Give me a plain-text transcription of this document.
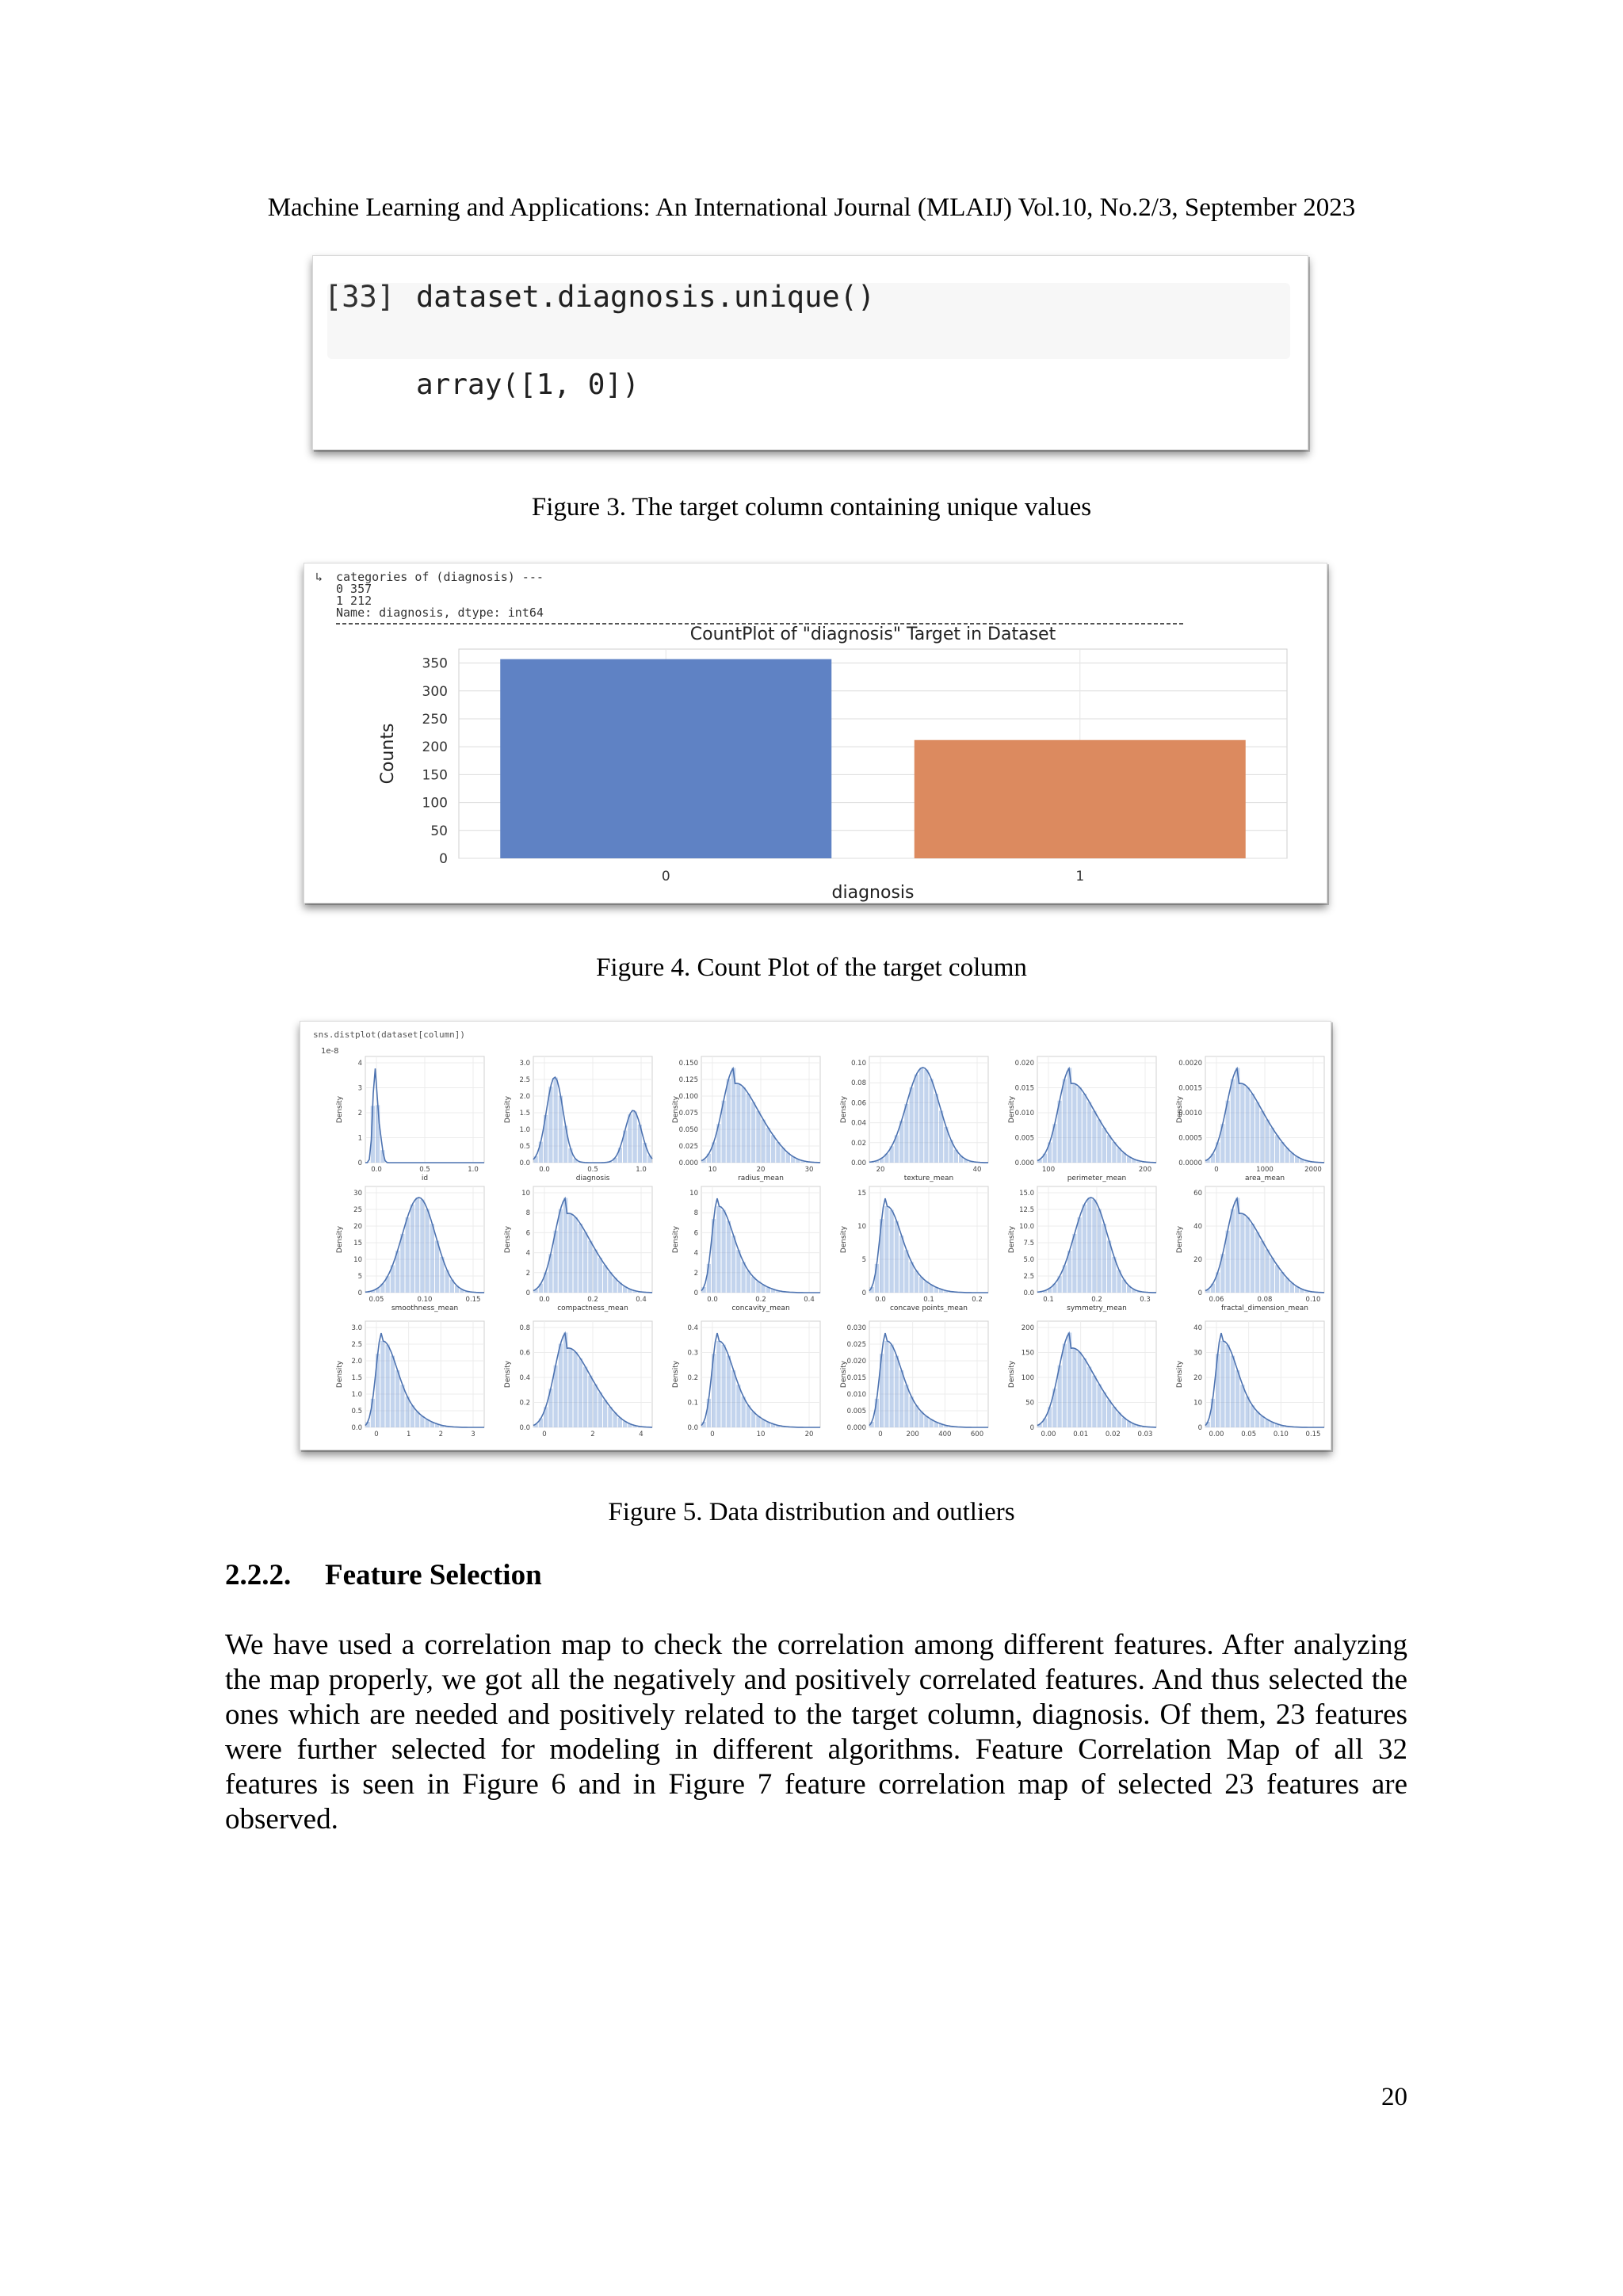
Machine Learning and Applications: An International Journal (MLAIJ) Vol.10, No.2/3, September 2023
[33] dataset.diagnosis.unique()
array([1, 0])
Figure 3. The target column containing unique values
↳ categories of (diagnosis) ---
0 357
1 212
Name: diagnosis, dtype: int64
0
50
100
150
200
250
300
350
0	1
CountPlot of "diagnosis" Target in Dataset
diagnosis
Counts
Figure 4. Count Plot of the target column
sns.distplot(dataset[column])
1e-8
0
1
2
3
4
0.0	0.5	1.0
Density
id
0.0
0.5
1.0
1.5
2.0
2.5
3.0
0.0	0.5	1.0
Density
diagnosis
0.000
0.025
0.050
0.075
0.100
0.125
0.150
10	20	30
Density
radius_mean
0.00
0.02
0.04
0.06
0.08
0.10
20	40
Density
texture_mean
0.000
0.005
0.010
0.015
0.020
100	200
Density
perimeter_mean
0.0000
0.0005
0.0010
0.0015
0.0020
0	1000	2000
Density
area_mean
0
5
10
15
20
25
30
0.05	0.10	0.15
Density
smoothness_mean
0
2
4
6
8
10
0.0	0.2	0.4
Density
compactness_mean
0
2
4
6
8
10
0.0	0.2	0.4
Density
concavity_mean
0
5
10
15
0.0	0.1	0.2
Density
concave points_mean
0.0
2.5
5.0
7.5
10.0
12.5
15.0
0.1	0.2	0.3
Density
symmetry_mean
0
20
40
60
0.06	0.08	0.10
Density
fractal_dimension_mean
0.0
0.5
1.0
1.5
2.0
2.5
3.0
0	1	2	3
Density
0.0
0.2
0.4
0.6
0.8
0	2	4
Density
0.0
0.1
0.2
0.3
0.4
0	10	20
Density
0.000
0.005
0.010
0.015
0.020
0.025
0.030
0	200	400	600
Density
0
50
100
150
200
0.00	0.01	0.02	0.03
Density
0
10
20
30
40
0.00	0.05	0.10	0.15
Density
Figure 5. Data distribution and outliers
2.2.2. Feature Selection
We have used a correlation map to check the correlation among different features. After analyzing the map properly, we got all the negatively and positively correlated features. And thus selected the ones which are needed and positively related to the target column, diagnosis. Of them, 23 features were further selected for modeling in different algorithms. Feature Correlation Map of all 32 features is seen in Figure 6 and in Figure 7 feature correlation map of selected 23 features are observed.
20
